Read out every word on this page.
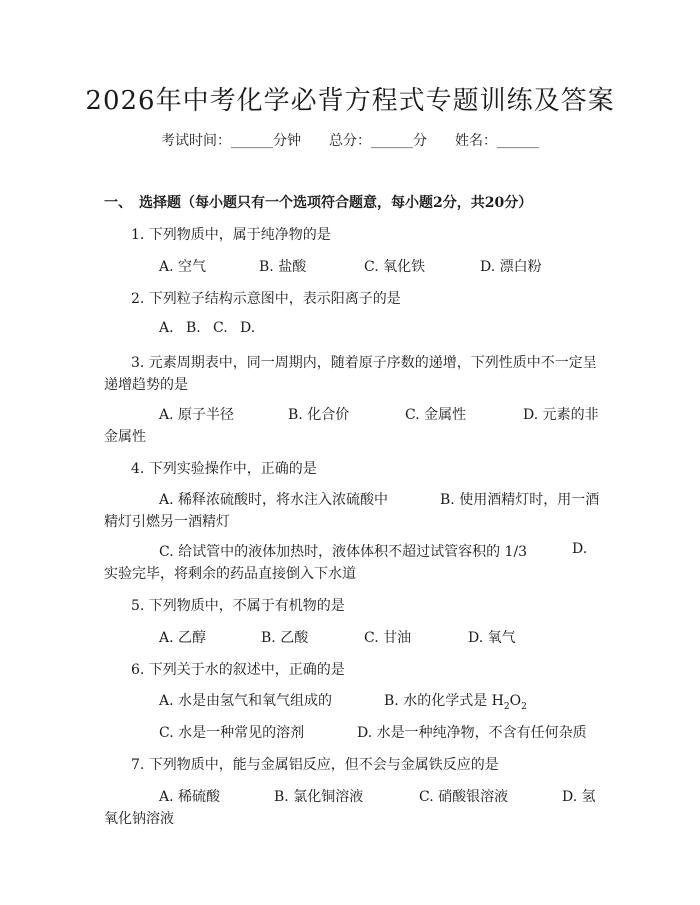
2026年中考化学必背方程式专题训练及答案
考试时间：______分钟　　总分：______分　　姓名：______
一、　选择题（每小题只有一个选项符合题意，每小题2分，共20分）
1. 下列物质中，属于纯净物的是
A. 空气	B. 盐酸	C. 氧化铁	D. 漂白粉
2. 下列粒子结构示意图中，表示阳离子的是
A. B. C. D.
3. 元素周期表中，同一周期内，随着原子序数的递增，下列性质中不一定呈
递增趋势的是
A. 原子半径	B. 化合价	C. 金属性	D. 元素的非
金属性
4. 下列实验操作中，正确的是
A. 稀释浓硫酸时，将水注入浓硫酸中	B. 使用酒精灯时，用一酒
精灯引燃另一酒精灯
C. 给试管中的液体加热时，液体体积不超过试管容积的 1/3	D.
实验完毕，将剩余的药品直接倒入下水道
5. 下列物质中，不属于有机物的是
A. 乙醇	B. 乙酸	C. 甘油	D. 氧气
6. 下列关于水的叙述中，正确的是
A. 水是由氢气和氧气组成的	B. 水的化学式是 $H_2O_2$
C. 水是一种常见的溶剂	D. 水是一种纯净物，不含有任何杂质
7. 下列物质中，能与金属铝反应，但不会与金属铁反应的是
A. 稀硫酸	B. 氯化铜溶液	C. 硝酸银溶液	D. 氢
氧化钠溶液
